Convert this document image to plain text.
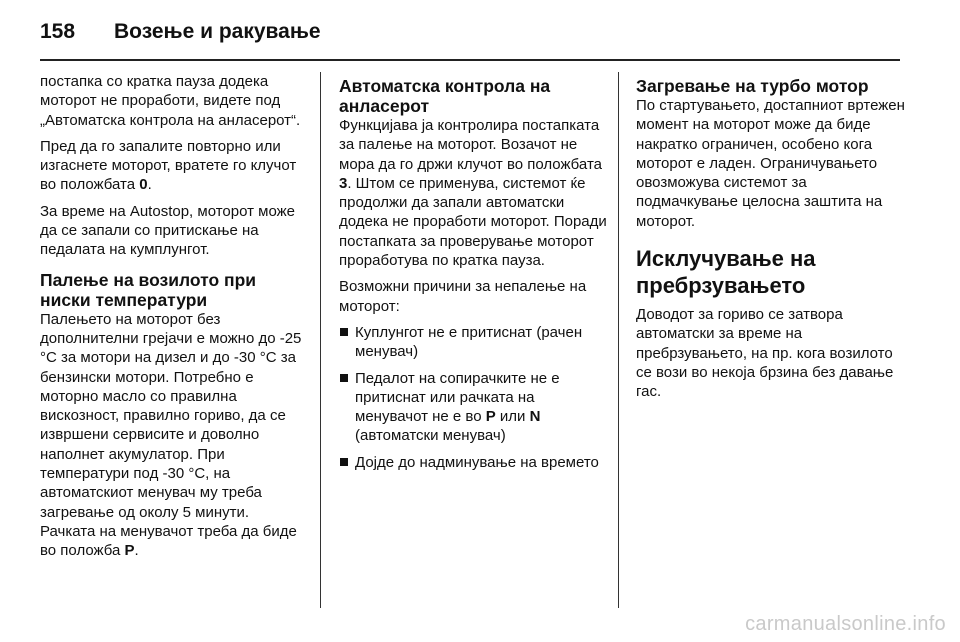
158	Возење и ракување

постапка со кратка пауза додека моторот не проработи, видете под „Автоматска контрола на анласерот“.

Пред да го запалите повторно или изгаснете моторот, вратете го клучот во положбата 0.

За време на Autostop, моторот може да се запали со притискање на педалата на кумплунгот.

Палење на возилото при ниски температури

Палењето на моторот без дополнителни грејачи е можно до -25 °C за мотори на дизел и до -30 °C за бензински мотори. Потребно е моторно масло со правилна вискозност, правилно гориво, да се извршени сервисите и доволно наполнет акумулатор. При температури под -30 °C, на автоматскиот менувач му треба загревање од околу 5 минути. Рачката на менувачот треба да биде во положба P.

Автоматска контрола на анласерот

Функцијава ја контролира постапката за палење на моторот. Возачот не мора да го држи клучот во положбата 3. Штом се применува, системот ќе продолжи да запали автоматски додека не проработи моторот. Поради постапката за проверување моторот проработува по кратка пауза.

Возможни причини за непалење на моторот:

Куплунгот не е притиснат (рачен менувач)
Педалот на сопирачките не е притиснат или рачката на менувачот не е во P или N (автоматски менувач)
Дојде до надминување на времето
Загревање на турбо мотор

По стартувањето, достапниот вртежен момент на моторот може да биде накратко ограничен, особено кога моторот е ладен. Ограничувањето овозможува системот за подмачкување целосна заштита на моторот.

Исклучување на пребрзувањето

Доводот за гориво се затвора автоматски за време на пребрзувањето, на пр. кога возилото се вози во некоја брзина без давање гас.

carmanualsonline.info
